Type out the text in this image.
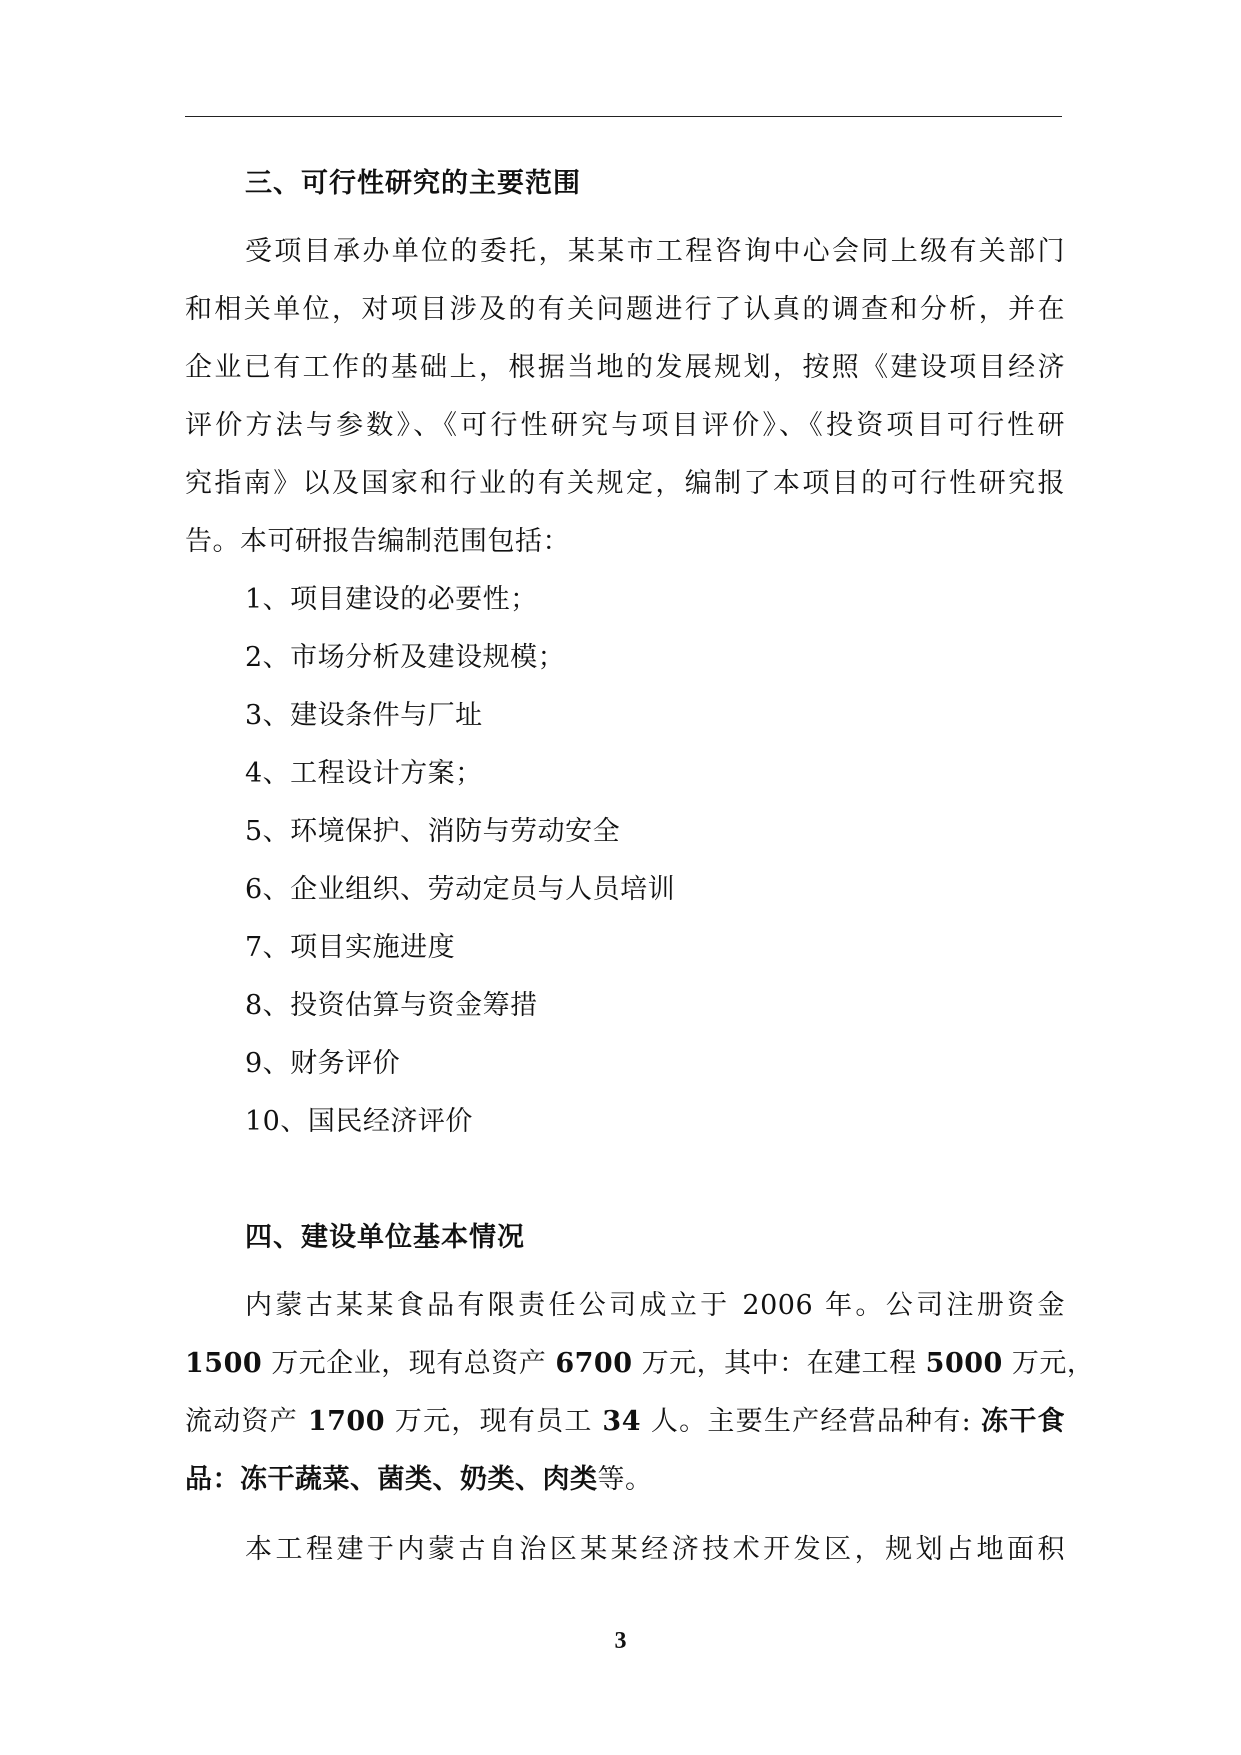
三、可行性研究的主要范围
受项目承办单位的委托，某某市工程咨询中心会同上级有关部门
和相关单位，对项目涉及的有关问题进行了认真的调查和分析，并在
企业已有工作的基础上，根据当地的发展规划，按照《建设项目经济
评价方法与参数》、《可行性研究与项目评价》、《投资项目可行性研
究指南》以及国家和行业的有关规定，编制了本项目的可行性研究报
告。本可研报告编制范围包括：
1、项目建设的必要性；
2、市场分析及建设规模；
3、建设条件与厂址
4、工程设计方案；
5、环境保护、消防与劳动安全
6、企业组织、劳动定员与人员培训
7、项目实施进度
8、投资估算与资金筹措
9、财务评价
10、国民经济评价
四、建设单位基本情况
内蒙古某某食品有限责任公司成立于 2006 年。公司注册资金
1500 万元企业，现有总资产 6700 万元，其中：在建工程 5000 万元，
流动资产 1700 万元，现有员工 34 人。主要生产经营品种有: 冻干食
品：冻干蔬菜、菌类、奶类、肉类等。
本工程建于内蒙古自治区某某经济技术开发区，规划占地面积
3
